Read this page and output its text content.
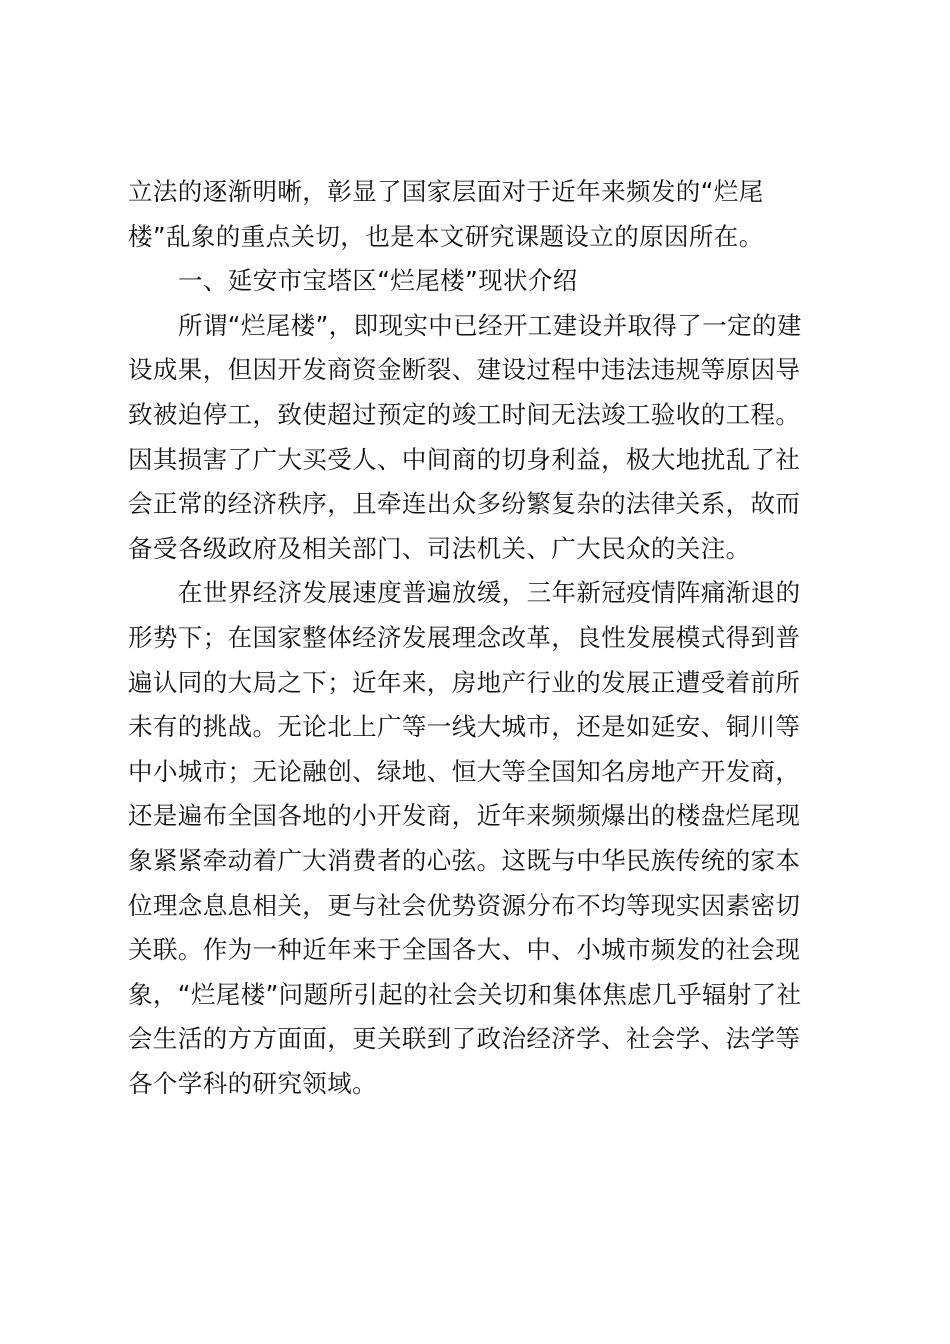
立法的逐渐明晰，彰显了国家层面对于近年来频发的“烂尾
楼”乱象的重点关切，也是本文研究课题设立的原因所在。
一、延安市宝塔区“烂尾楼”现状介绍
所谓“烂尾楼”，即现实中已经开工建设并取得了一定的建
设成果，但因开发商资金断裂、建设过程中违法违规等原因导
致被迫停工，致使超过预定的竣工时间无法竣工验收的工程。
因其损害了广大买受人、中间商的切身利益，极大地扰乱了社
会正常的经济秩序，且牵连出众多纷繁复杂的法律关系，故而
备受各级政府及相关部门、司法机关、广大民众的关注。
在世界经济发展速度普遍放缓，三年新冠疫情阵痛渐退的
形势下；在国家整体经济发展理念改革，良性发展模式得到普
遍认同的大局之下；近年来，房地产行业的发展正遭受着前所
未有的挑战。无论北上广等一线大城市，还是如延安、铜川等
中小城市；无论融创、绿地、恒大等全国知名房地产开发商，
还是遍布全国各地的小开发商，近年来频频爆出的楼盘烂尾现
象紧紧牵动着广大消费者的心弦。这既与中华民族传统的家本
位理念息息相关，更与社会优势资源分布不均等现实因素密切
关联。作为一种近年来于全国各大、中、小城市频发的社会现
象，“烂尾楼”问题所引起的社会关切和集体焦虑几乎辐射了社
会生活的方方面面，更关联到了政治经济学、社会学、法学等
各个学科的研究领域。
